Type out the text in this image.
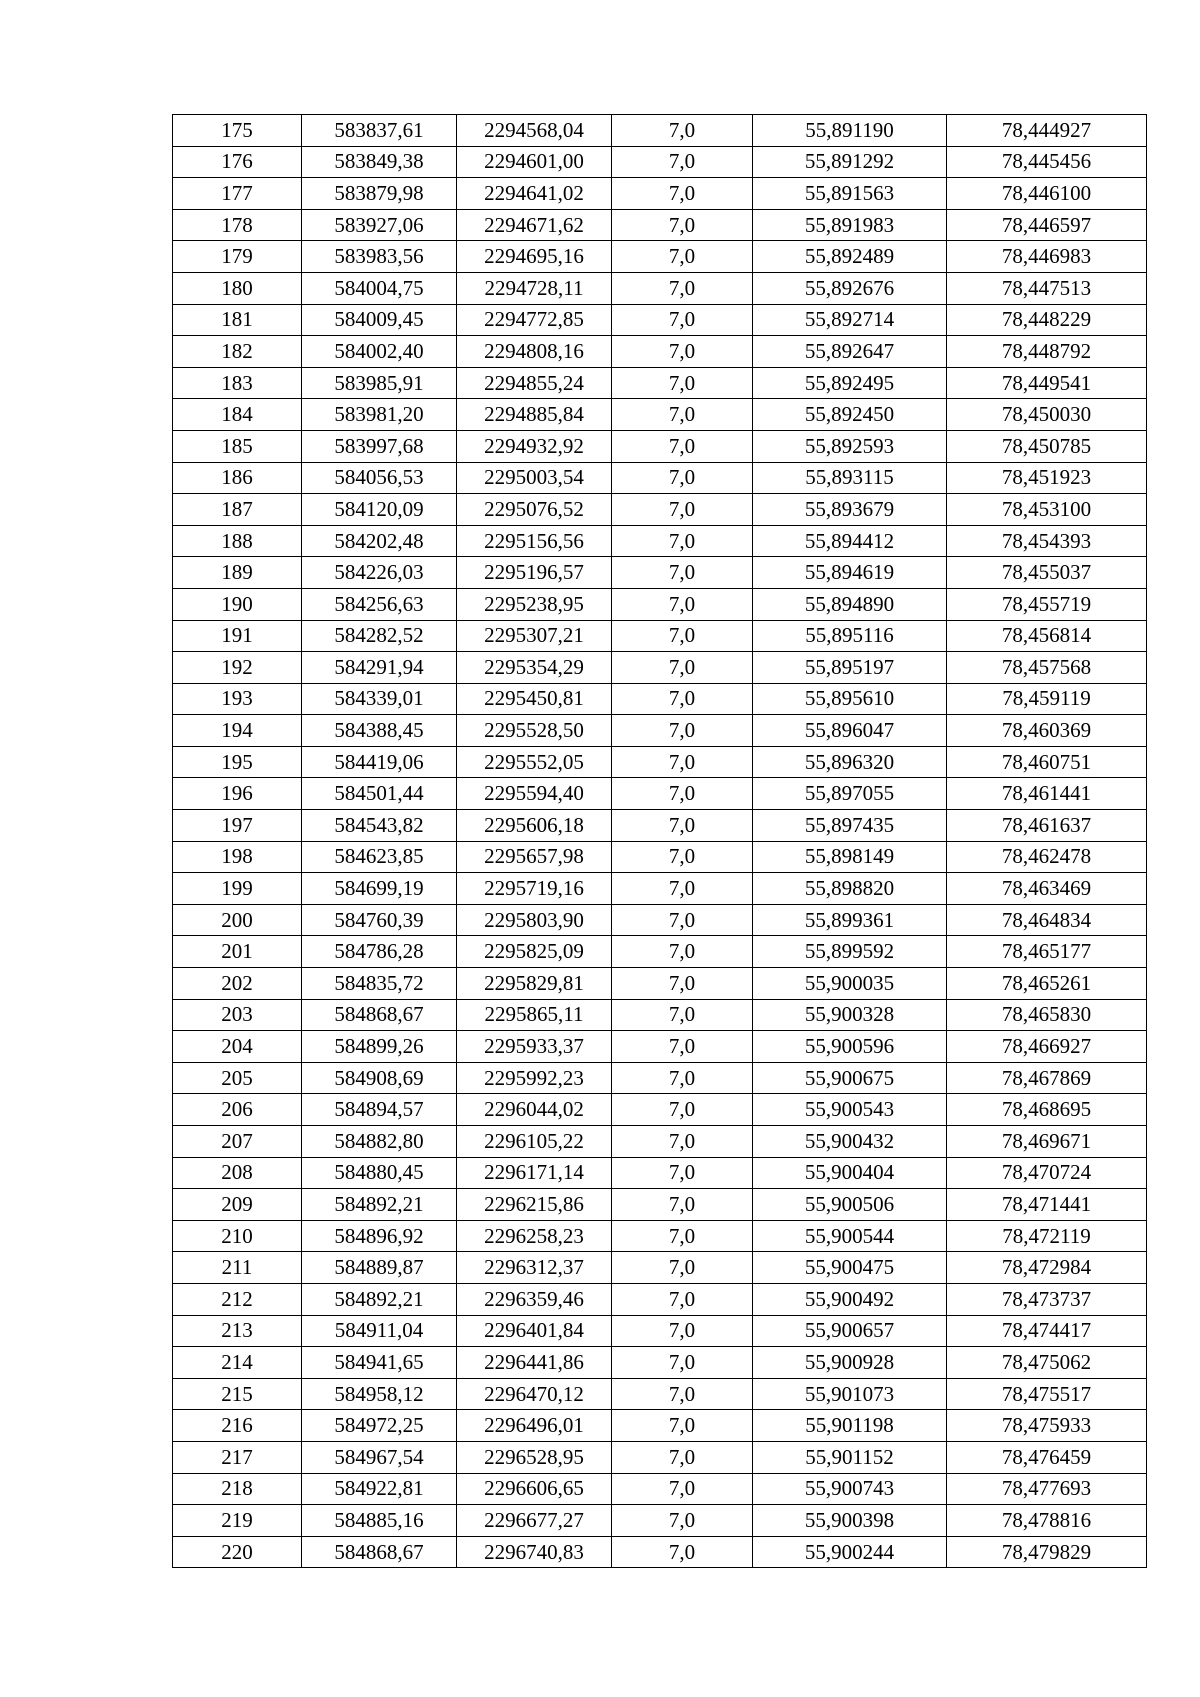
175	583837,61	2294568,04	7,0	55,891190	78,444927
176	583849,38	2294601,00	7,0	55,891292	78,445456
177	583879,98	2294641,02	7,0	55,891563	78,446100
178	583927,06	2294671,62	7,0	55,891983	78,446597
179	583983,56	2294695,16	7,0	55,892489	78,446983
180	584004,75	2294728,11	7,0	55,892676	78,447513
181	584009,45	2294772,85	7,0	55,892714	78,448229
182	584002,40	2294808,16	7,0	55,892647	78,448792
183	583985,91	2294855,24	7,0	55,892495	78,449541
184	583981,20	2294885,84	7,0	55,892450	78,450030
185	583997,68	2294932,92	7,0	55,892593	78,450785
186	584056,53	2295003,54	7,0	55,893115	78,451923
187	584120,09	2295076,52	7,0	55,893679	78,453100
188	584202,48	2295156,56	7,0	55,894412	78,454393
189	584226,03	2295196,57	7,0	55,894619	78,455037
190	584256,63	2295238,95	7,0	55,894890	78,455719
191	584282,52	2295307,21	7,0	55,895116	78,456814
192	584291,94	2295354,29	7,0	55,895197	78,457568
193	584339,01	2295450,81	7,0	55,895610	78,459119
194	584388,45	2295528,50	7,0	55,896047	78,460369
195	584419,06	2295552,05	7,0	55,896320	78,460751
196	584501,44	2295594,40	7,0	55,897055	78,461441
197	584543,82	2295606,18	7,0	55,897435	78,461637
198	584623,85	2295657,98	7,0	55,898149	78,462478
199	584699,19	2295719,16	7,0	55,898820	78,463469
200	584760,39	2295803,90	7,0	55,899361	78,464834
201	584786,28	2295825,09	7,0	55,899592	78,465177
202	584835,72	2295829,81	7,0	55,900035	78,465261
203	584868,67	2295865,11	7,0	55,900328	78,465830
204	584899,26	2295933,37	7,0	55,900596	78,466927
205	584908,69	2295992,23	7,0	55,900675	78,467869
206	584894,57	2296044,02	7,0	55,900543	78,468695
207	584882,80	2296105,22	7,0	55,900432	78,469671
208	584880,45	2296171,14	7,0	55,900404	78,470724
209	584892,21	2296215,86	7,0	55,900506	78,471441
210	584896,92	2296258,23	7,0	55,900544	78,472119
211	584889,87	2296312,37	7,0	55,900475	78,472984
212	584892,21	2296359,46	7,0	55,900492	78,473737
213	584911,04	2296401,84	7,0	55,900657	78,474417
214	584941,65	2296441,86	7,0	55,900928	78,475062
215	584958,12	2296470,12	7,0	55,901073	78,475517
216	584972,25	2296496,01	7,0	55,901198	78,475933
217	584967,54	2296528,95	7,0	55,901152	78,476459
218	584922,81	2296606,65	7,0	55,900743	78,477693
219	584885,16	2296677,27	7,0	55,900398	78,478816
220	584868,67	2296740,83	7,0	55,900244	78,479829
